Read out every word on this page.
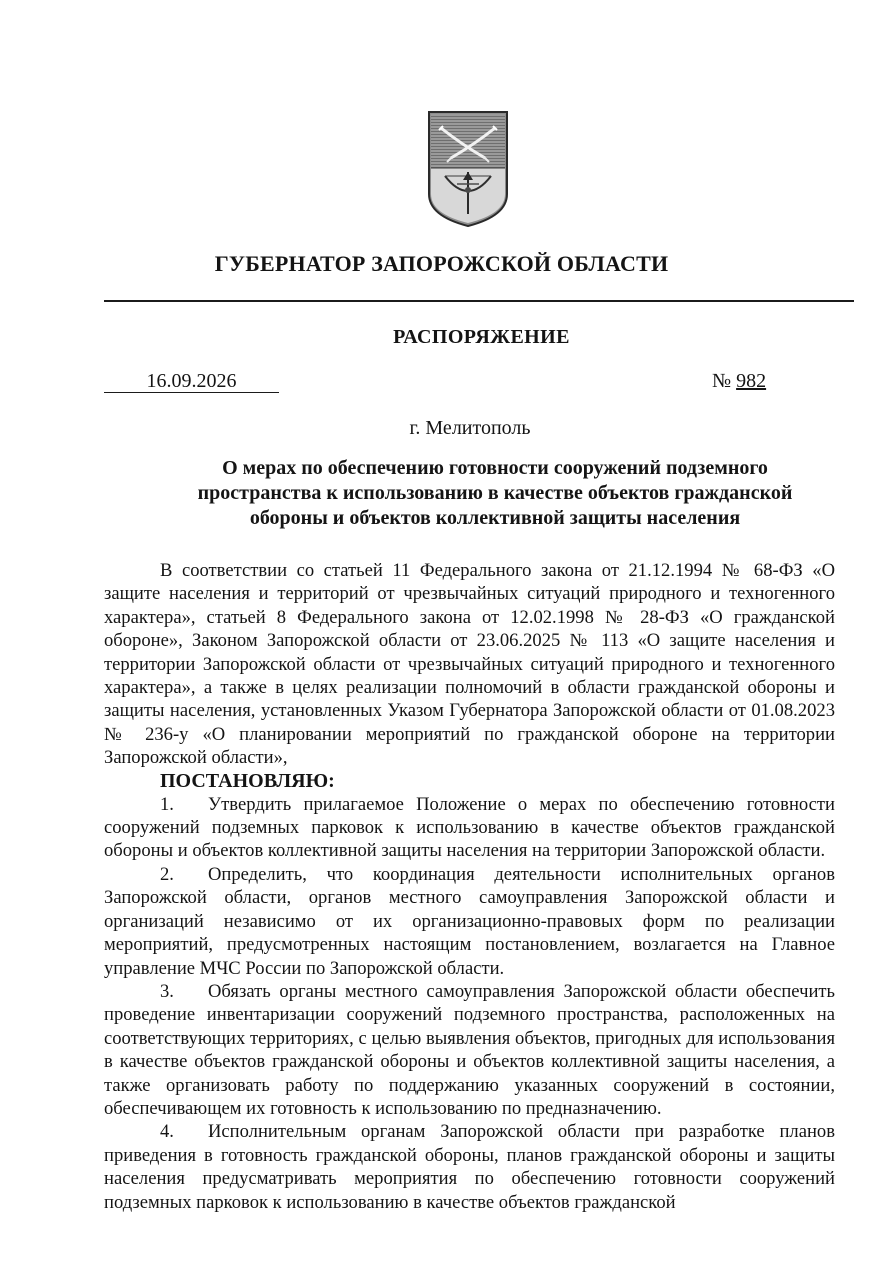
ГУБЕРНАТОР ЗАПОРОЖСКОЙ ОБЛАСТИ
РАСПОРЯЖЕНИЕ
16.09.2026	№ 982
г. Мелитополь
О мерах по обеспечению готовности сооружений подземного
пространства к использованию в качестве объектов гражданской
обороны и объектов коллективной защиты населения

В соответствии со статьей 11 Федерального закона от 21.12.1994 № 68-ФЗ «О защите населения и территорий от чрезвычайных ситуаций природного и техногенного характера», статьей 8 Федерального закона от 12.02.1998 № 28-ФЗ «О гражданской обороне», Законом Запорожской области от 23.06.2025 № 113 «О защите населения и территории Запорожской области от чрезвычайных ситуаций природного и техногенного характера», а также в целях реализации полномочий в области гражданской обороны и защиты населения, установленных Указом Губернатора Запорожской области от 01.08.2023 № 236-у «О планировании мероприятий по гражданской обороне на территории Запорожской области»,

ПОСТАНОВЛЯЮ:

1. Утвердить прилагаемое Положение о мерах по обеспечению готовности сооружений подземных парковок к использованию в качестве объектов гражданской обороны и объектов коллективной защиты населения на территории Запорожской области.

2. Определить, что координация деятельности исполнительных органов Запорожской области, органов местного самоуправления Запорожской области и организаций независимо от их организационно-правовых форм по реализации мероприятий, предусмотренных настоящим постановлением, возлагается на Главное управление МЧС России по Запорожской области.

3. Обязать органы местного самоуправления Запорожской области обеспечить проведение инвентаризации сооружений подземного пространства, расположенных на соответствующих территориях, с целью выявления объектов, пригодных для использования в качестве объектов гражданской обороны и объектов коллективной защиты населения, а также организовать работу по поддержанию указанных сооружений в состоянии, обеспечивающем их готовность к использованию по предназначению.

4. Исполнительным органам Запорожской области при разработке планов приведения в готовность гражданской обороны, планов гражданской обороны и защиты населения предусматривать мероприятия по обеспечению готовности сооружений подземных парковок к использованию в качестве объектов гражданской
